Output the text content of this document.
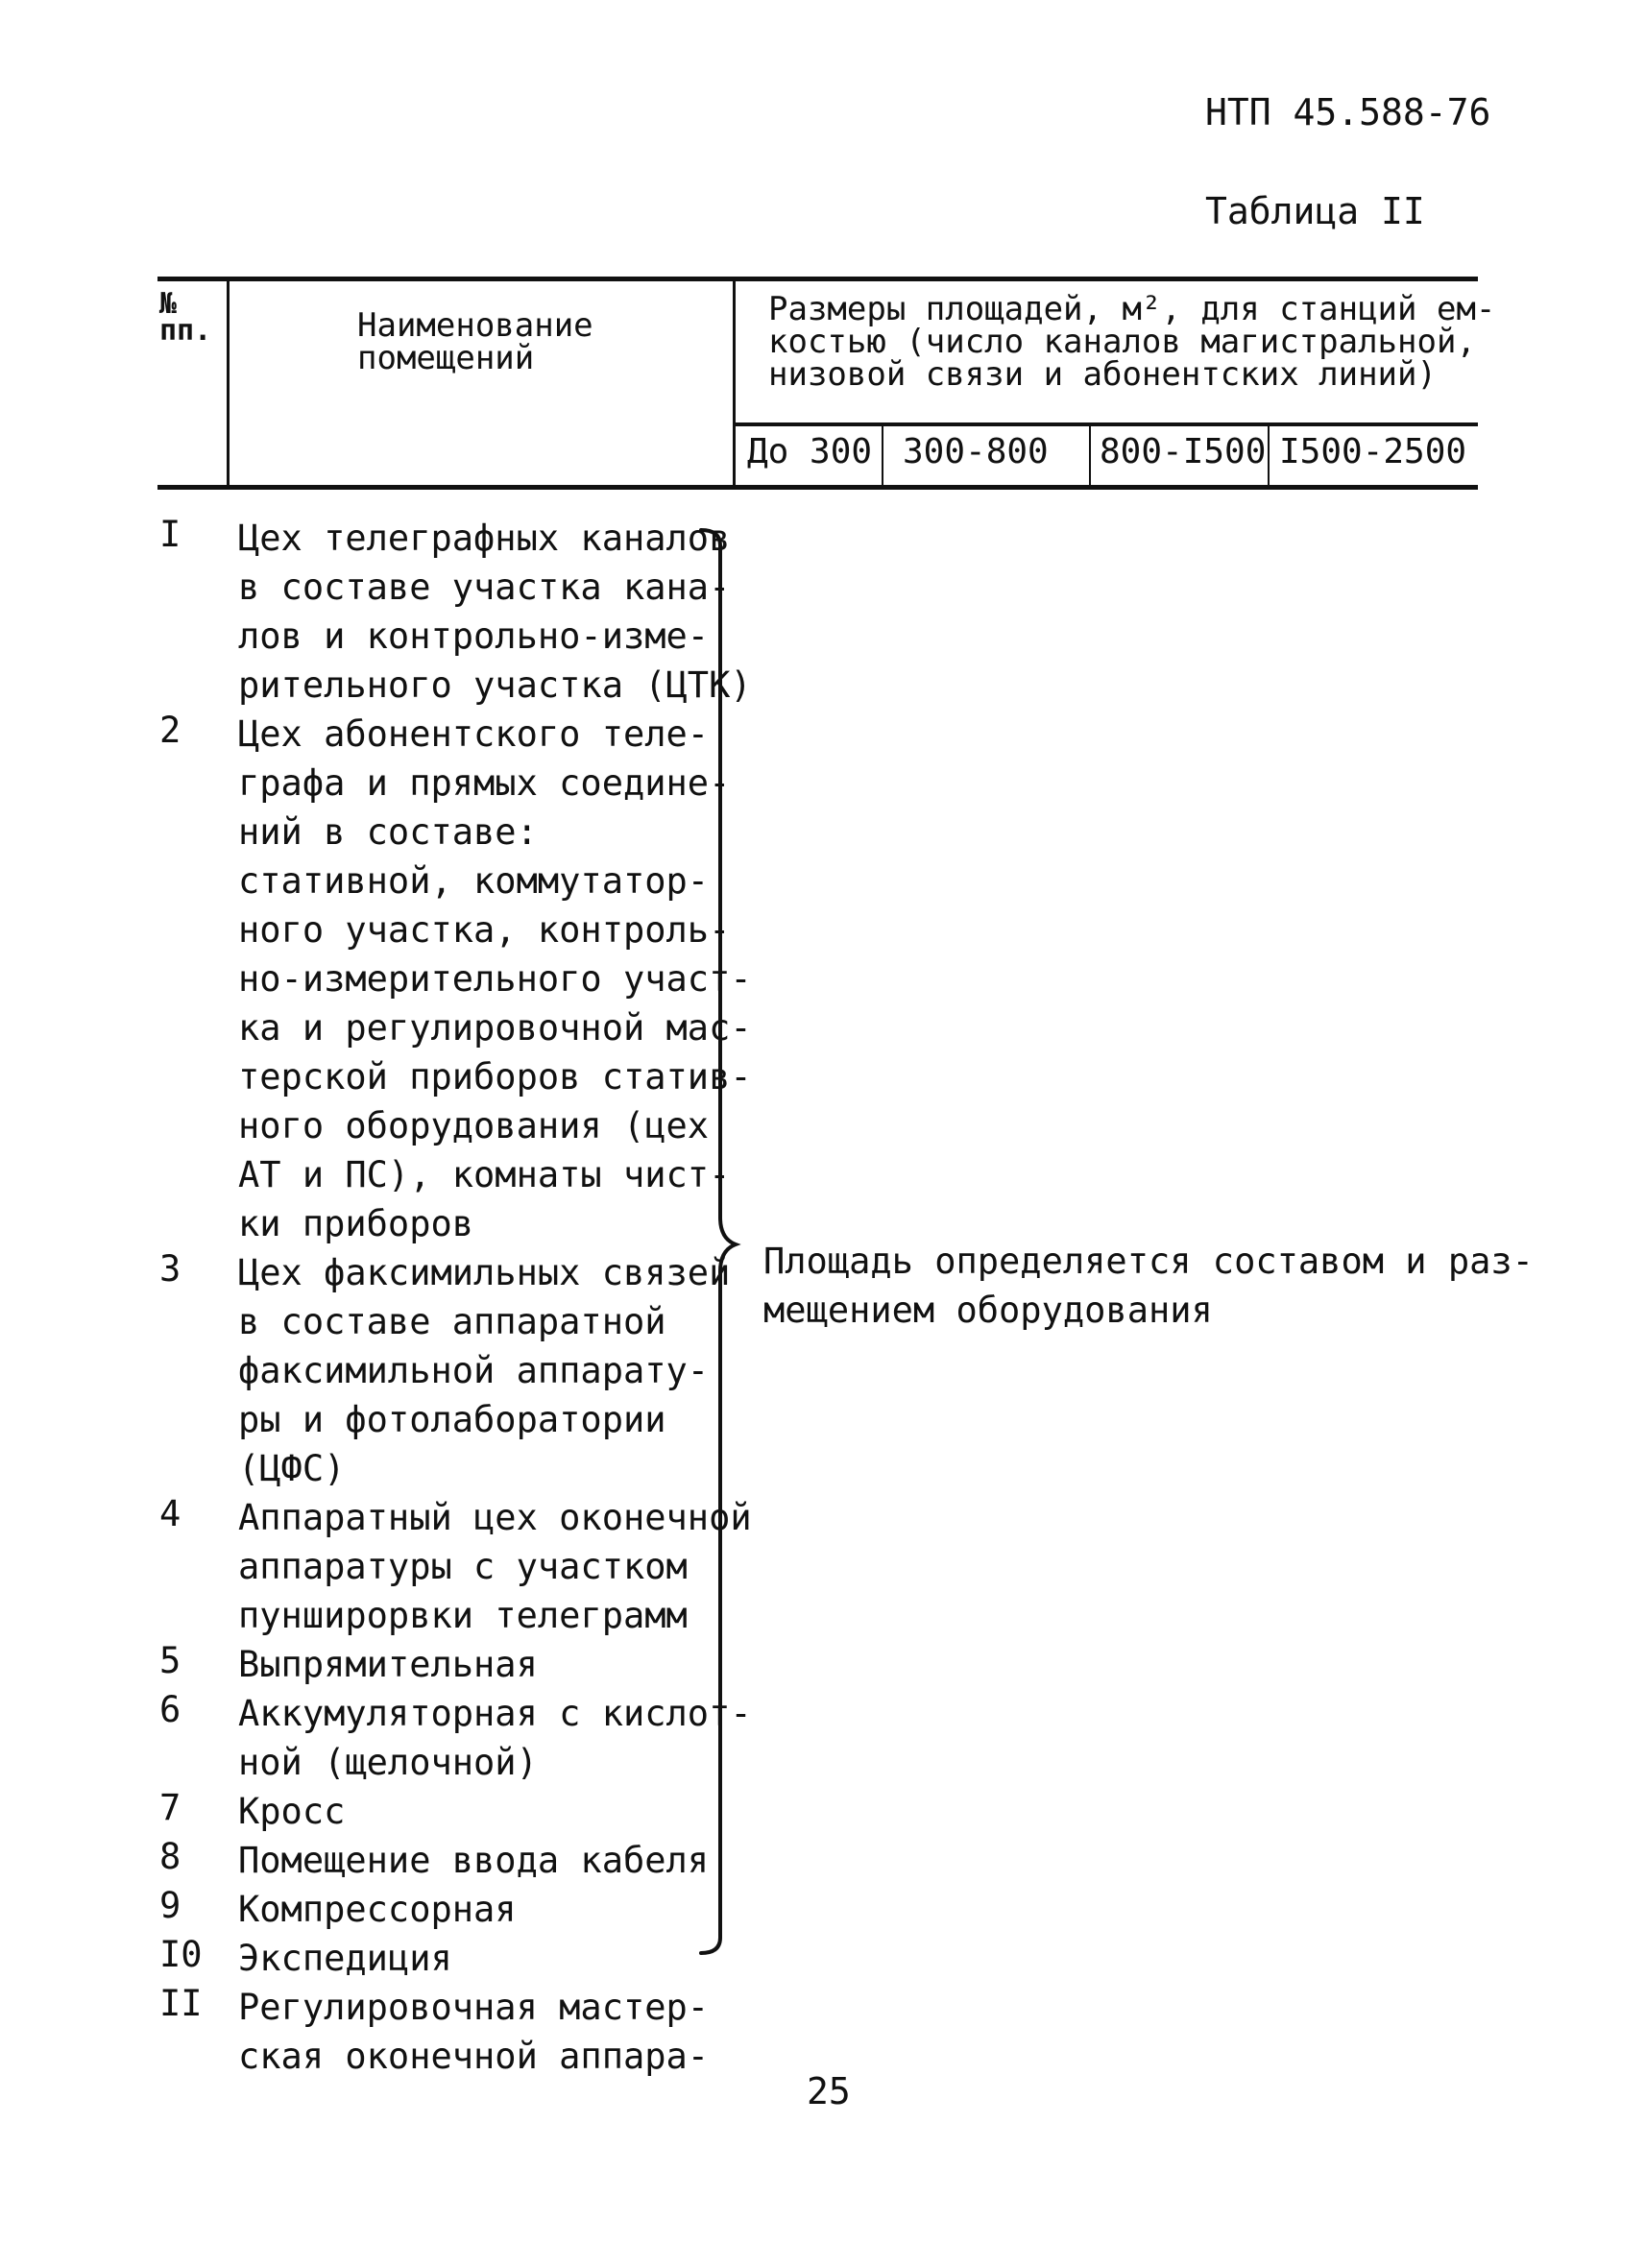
НТП 45.588-76
Таблица II
№
пп.	Наименование
помещений
Размеры площадей, м², для станций ем-
костью (число каналов магистральной,
низовой связи и абонентских линий)
До 300 300-800 800-I500 I500-2500
I Цех телеграфных каналов
в составе участка кана-
лов и контрольно-изме-
рительного участка (ЦТК)
2 Цех абонентского теле-
графа и прямых соедине-
ний в составе:
стативной, коммутатор-
ного участка, контроль-
но-измерительного участ-
ка и регулировочной мас-
терской приборов статив-
ного оборудования (цех
АТ и ПС), комнаты чист-
ки приборов
3 Цех факсимильных связей
в составе аппаратной
факсимильной аппарату-
ры и фотолаборатории
(ЦФС)
4 Аппаратный цех оконечной
аппаратуры с участком
пунширорвки телеграмм
5 Выпрямительная
6 Аккумуляторная с кислот-
ной (щелочной)
7 Кросс
8 Помещение ввода кабеля
9 Компрессорная
I0 Экспедиция
II Регулировочная мастер-
ская оконечной аппара-
Площадь определяется составом и раз-
мещением оборудования
25
